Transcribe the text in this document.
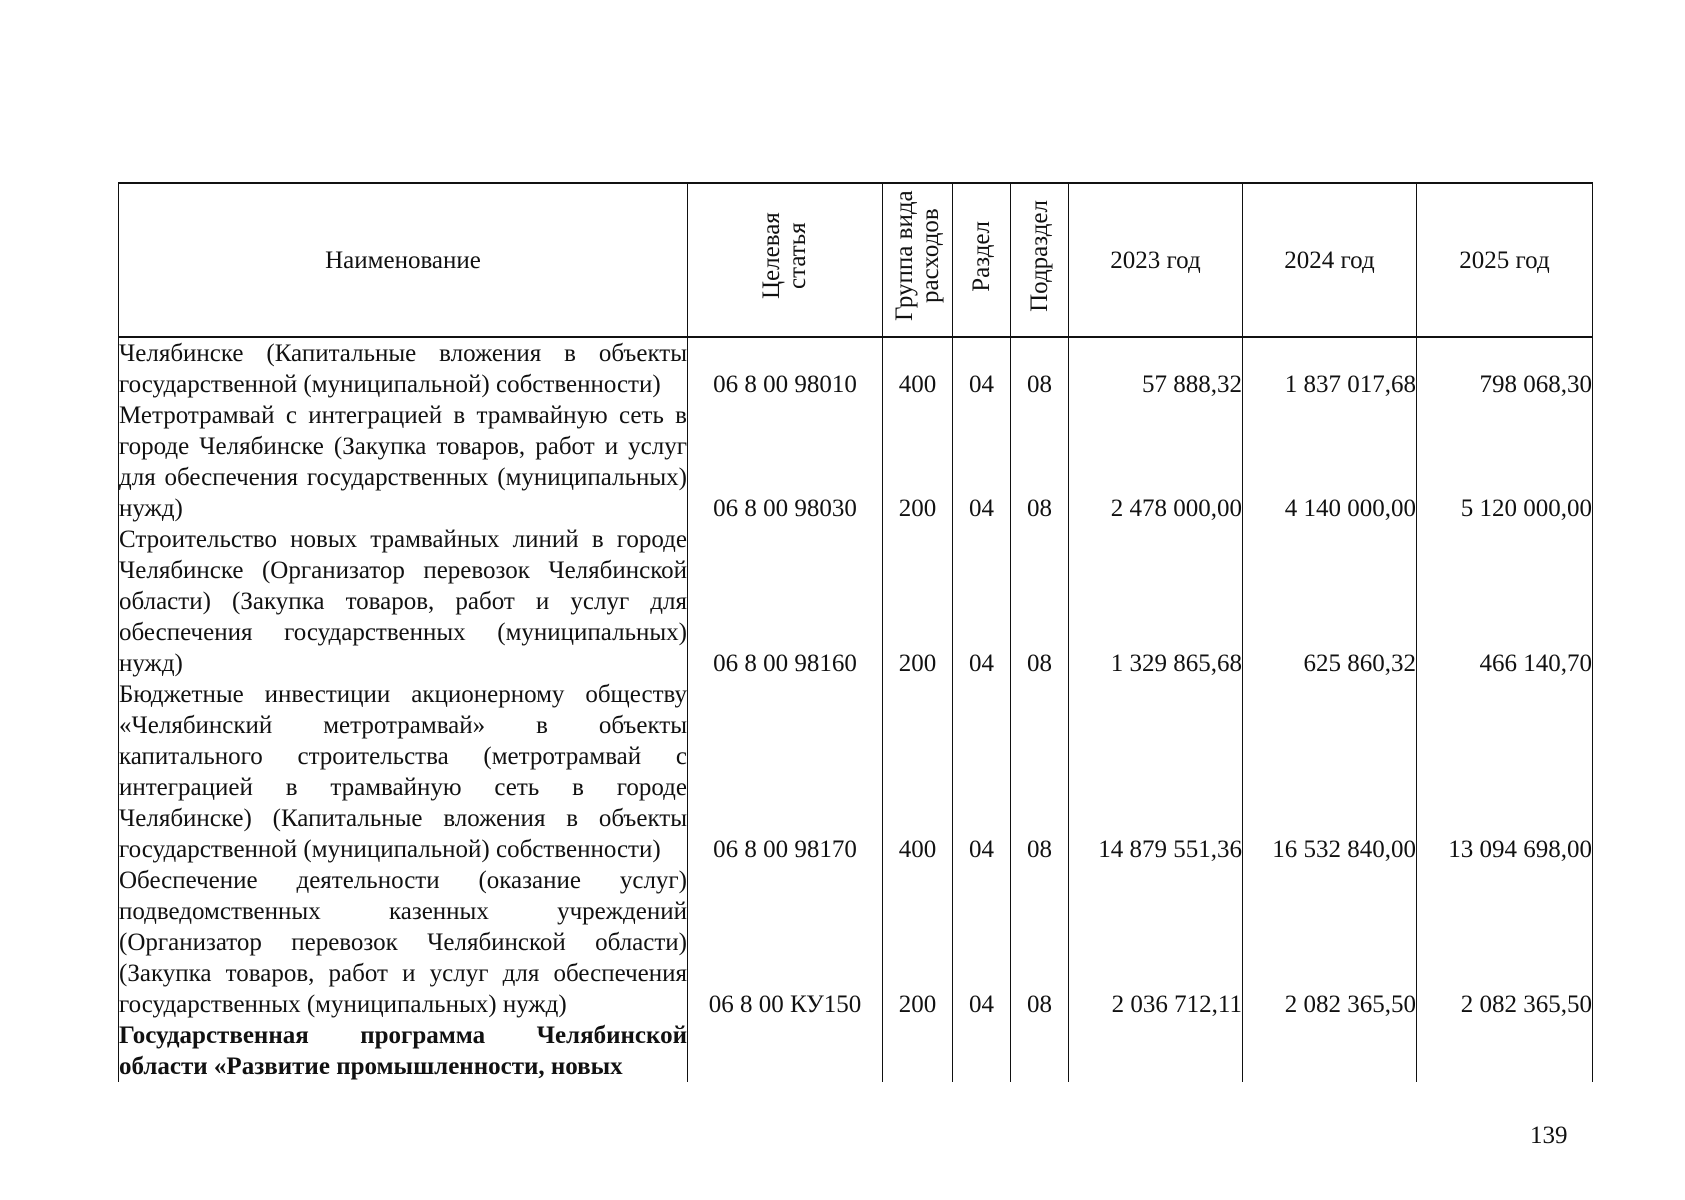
Наименование	Целевая статья	Группа вида расходов	Раздел	Подраздел	2023 год	2024 год	2025 год

Челябинске (Капитальные вложения в объекты государственной (муниципальной) собственности)	06 8 00 98010	400	04	08	57 888,32	1 837 017,68	798 068,30

Метротрамвай с интеграцией в трамвайную сеть в городе Челябинске (Закупка товаров, работ и услуг для обеспечения государственных (муниципальных) нужд)	06 8 00 98030	200	04	08	2 478 000,00	4 140 000,00	5 120 000,00

Строительство новых трамвайных линий в городе Челябинске (Организатор перевозок Челябинской области) (Закупка товаров, работ и услуг для обеспечения государственных (муниципальных) нужд)	06 8 00 98160	200	04	08	1 329 865,68	625 860,32	466 140,70

Бюджетные инвестиции акционерному обществу «Челябинский метротрамвай» в объекты капитального строительства (метротрамвай с интеграцией в трамвайную сеть в городе Челябинске) (Капитальные вложения в объекты государственной (муниципальной) собственности)	06 8 00 98170	400	04	08	14 879 551,36	16 532 840,00	13 094 698,00

Обеспечение деятельности (оказание услуг) подведомственных казенных учреждений (Организатор перевозок Челябинской области) (Закупка товаров, работ и услуг для обеспечения государственных (муниципальных) нужд)	06 8 00 КУ150	200	04	08	2 036 712,11	2 082 365,50	2 082 365,50

Государственная программа Челябинской области «Развитие промышленности, новых							

139
